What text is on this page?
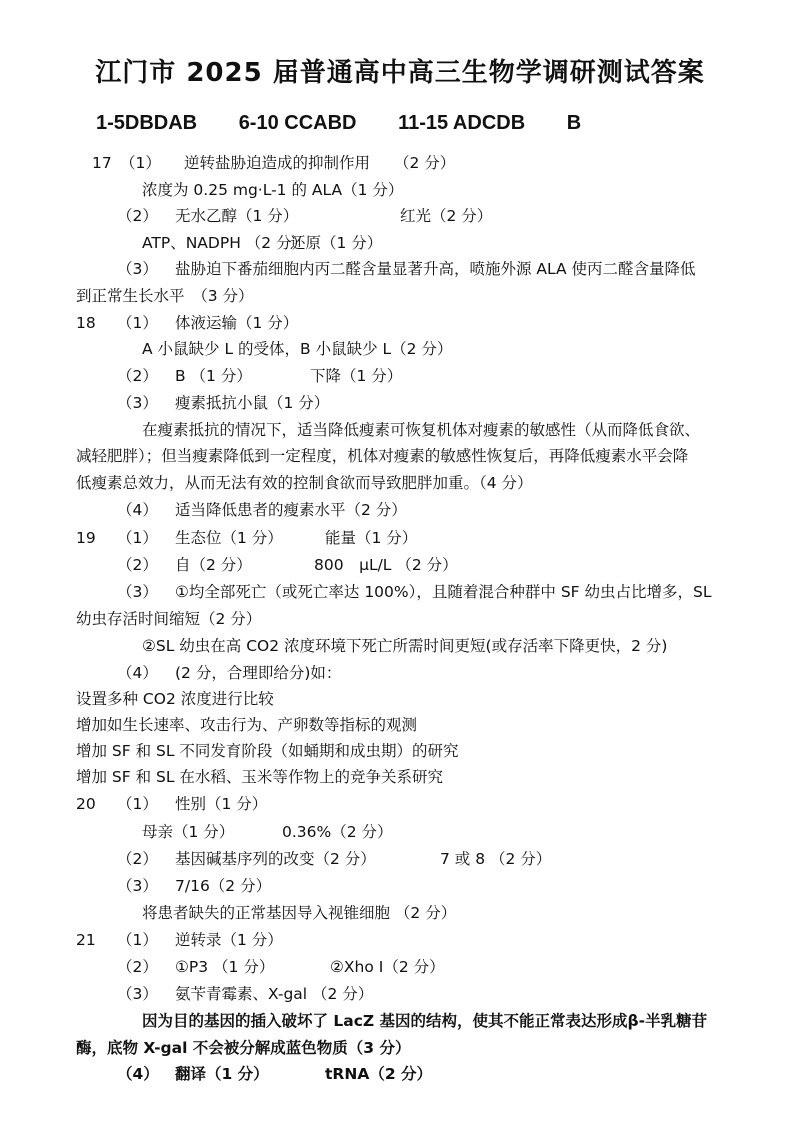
江门市 2025 届普通高中高三生物学调研测试答案
1-5DBDAB 6-10 CCABD 11-15 ADCDB B
17 （1） 逆转盐胁迫造成的抑制作用 （2 分）
浓度为 0.25 mg·L-1 的 ALA（1 分）
（2） 无水乙醇（1 分）	红光（2 分）
ATP、NADPH （2 分）
还原（1 分）
（3） 盐胁迫下番茄细胞内丙二醛含量显著升高，喷施外源 ALA 使丙二醛含量降低
到正常生长水平　（3 分）
18 （1） 体液运输（1 分）
A 小鼠缺少 L 的受体，B 小鼠缺少 L（2 分）
（2） B （1 分）	下降（1 分）
（3） 瘦素抵抗小鼠（1 分）
在瘦素抵抗的情况下，适当降低瘦素可恢复机体对瘦素的敏感性（从而降低食欲、
减轻肥胖）；但当瘦素降低到一定程度，机体对瘦素的敏感性恢复后，再降低瘦素水平会降
低瘦素总效力，从而无法有效的控制食欲而导致肥胖加重。（4 分）
（4） 适当降低患者的瘦素水平（2 分）
19 （1） 生态位（1 分）	能量（1 分）
（2） 自（2 分）	800　μL/L （2 分）
（3） ①均全部死亡（或死亡率达 100%），且随着混合种群中 SF 幼虫占比增多，SL
幼虫存活时间缩短（2 分）
②SL 幼虫在高 CO2 浓度环境下死亡所需时间更短(或存活率下降更快，2 分)
（4） (2 分，合理即给分)如：
设置多种 CO2 浓度进行比较
增加如生长速率、攻击行为、产卵数等指标的观测
增加 SF 和 SL 不同发育阶段（如蛹期和成虫期）的研究
增加 SF 和 SL 在水稻、玉米等作物上的竞争关系研究
20 （1） 性别（1 分）
母亲（1 分）	0.36%（2 分）
（2） 基因碱基序列的改变（2 分）	7 或 8 （2 分）
（3） 7/16（2 分）
将患者缺失的正常基因导入视锥细胞 （2 分）
21 （1） 逆转录（1 分）
（2） ①P3 （1 分）	②Xho I（2 分）
（3） 氨苄青霉素、X-gal （2 分）
因为目的基因的插入破坏了 LacZ 基因的结构，使其不能正常表达形成β-半乳糖苷
酶，底物 X-gal 不会被分解成蓝色物质（3 分）
（4） 翻译（1 分）	tRNA（2 分）
